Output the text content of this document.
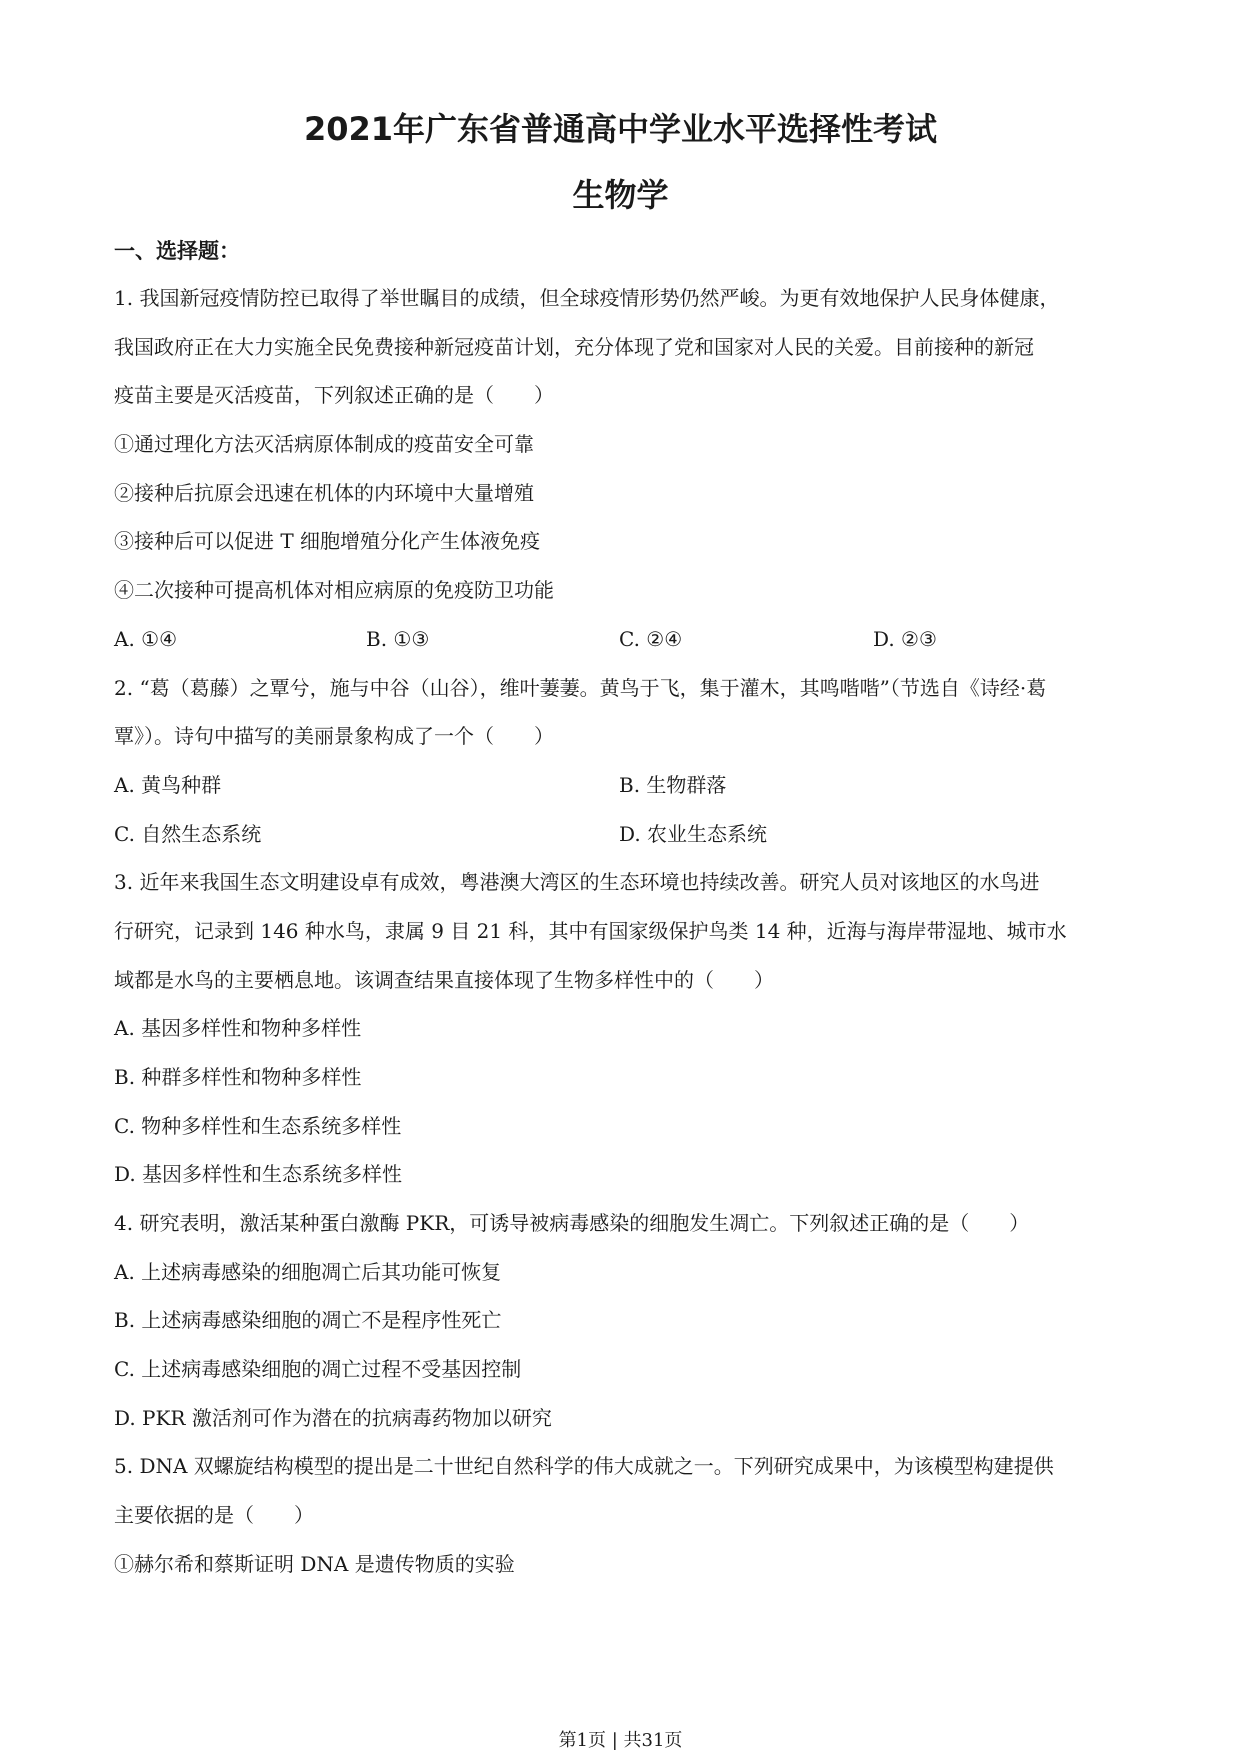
2021年广东省普通高中学业水平选择性考试
生物学
一、选择题：
1. 我国新冠疫情防控已取得了举世瞩目的成绩，但全球疫情形势仍然严峻。为更有效地保护人民身体健康，
我国政府正在大力实施全民免费接种新冠疫苗计划，充分体现了党和国家对人民的关爱。目前接种的新冠
疫苗主要是灭活疫苗，下列叙述正确的是（　　）
①通过理化方法灭活病原体制成的疫苗安全可靠
②接种后抗原会迅速在机体的内环境中大量增殖
③接种后可以促进 T 细胞增殖分化产生体液免疫
④二次接种可提高机体对相应病原的免疫防卫功能
A. ①④	B. ①③	C. ②④	D. ②③
2. “葛（葛藤）之覃兮，施与中谷（山谷），维叶萋萋。黄鸟于飞，集于灌木，其鸣喈喈”（节选自《诗经·葛
覃》）。诗句中描写的美丽景象构成了一个（　　）
A. 黄鸟种群	B. 生物群落
C. 自然生态系统	D. 农业生态系统
3. 近年来我国生态文明建设卓有成效，粤港澳大湾区的生态环境也持续改善。研究人员对该地区的水鸟进
行研究，记录到 146 种水鸟，隶属 9 目 21 科，其中有国家级保护鸟类 14 种，近海与海岸带湿地、城市水
域都是水鸟的主要栖息地。该调查结果直接体现了生物多样性中的（　　）
A. 基因多样性和物种多样性
B. 种群多样性和物种多样性
C. 物种多样性和生态系统多样性
D. 基因多样性和生态系统多样性
4. 研究表明，激活某种蛋白激酶 PKR，可诱导被病毒感染的细胞发生凋亡。下列叙述正确的是（　　）
A. 上述病毒感染的细胞凋亡后其功能可恢复
B. 上述病毒感染细胞的凋亡不是程序性死亡
C. 上述病毒感染细胞的凋亡过程不受基因控制
D. PKR 激活剂可作为潜在的抗病毒药物加以研究
5. DNA 双螺旋结构模型的提出是二十世纪自然科学的伟大成就之一。下列研究成果中，为该模型构建提供
主要依据的是（　　）
①赫尔希和蔡斯证明 DNA 是遗传物质的实验
第1页 | 共31页
